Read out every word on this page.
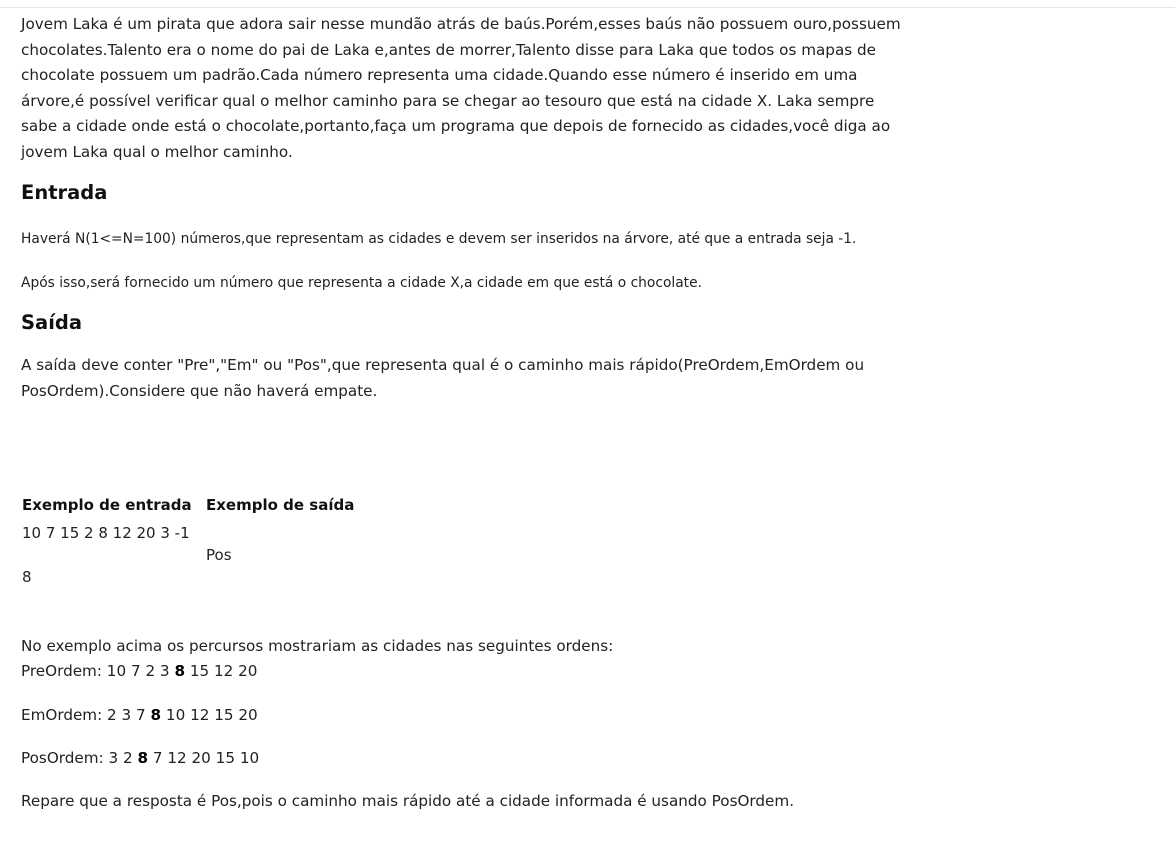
Jovem Laka é um pirata que adora sair nesse mundão atrás de baús.Porém,esses baús não possuem ouro,possuem chocolates.Talento era o nome do pai de Laka e,antes de morrer,Talento disse para Laka que todos os mapas de chocolate possuem um padrão.Cada número representa uma cidade.Quando esse número é inserido em uma árvore,é possível verificar qual o melhor caminho para se chegar ao tesouro que está na cidade X. Laka sempre sabe a cidade onde está o chocolate,portanto,faça um programa que depois de fornecido as cidades,você diga ao jovem Laka qual o melhor caminho.

Entrada

Haverá N(1<=N=100) números,que representam as cidades e devem ser inseridos na árvore, até que a entrada seja -1.

Após isso,será fornecido um número que representa a cidade X,a cidade em que está o chocolate.

Saída

A saída deve conter "Pre","Em" ou "Pos",que representa qual é o caminho mais rápido(PreOrdem,EmOrdem ou PosOrdem).Considere que não haverá empate.

Exemplo de entrada
10 7 15 2 8 12 20 3 -1
8
Exemplo de saída
Pos

No exemplo acima os percursos mostrariam as cidades nas seguintes ordens:

PreOrdem: 10 7 2 3 8 15 12 20

EmOrdem: 2 3 7 8 10 12 15 20

PosOrdem: 3 2 8 7 12 20 15 10

Repare que a resposta é Pos,pois o caminho mais rápido até a cidade informada é usando PosOrdem.
